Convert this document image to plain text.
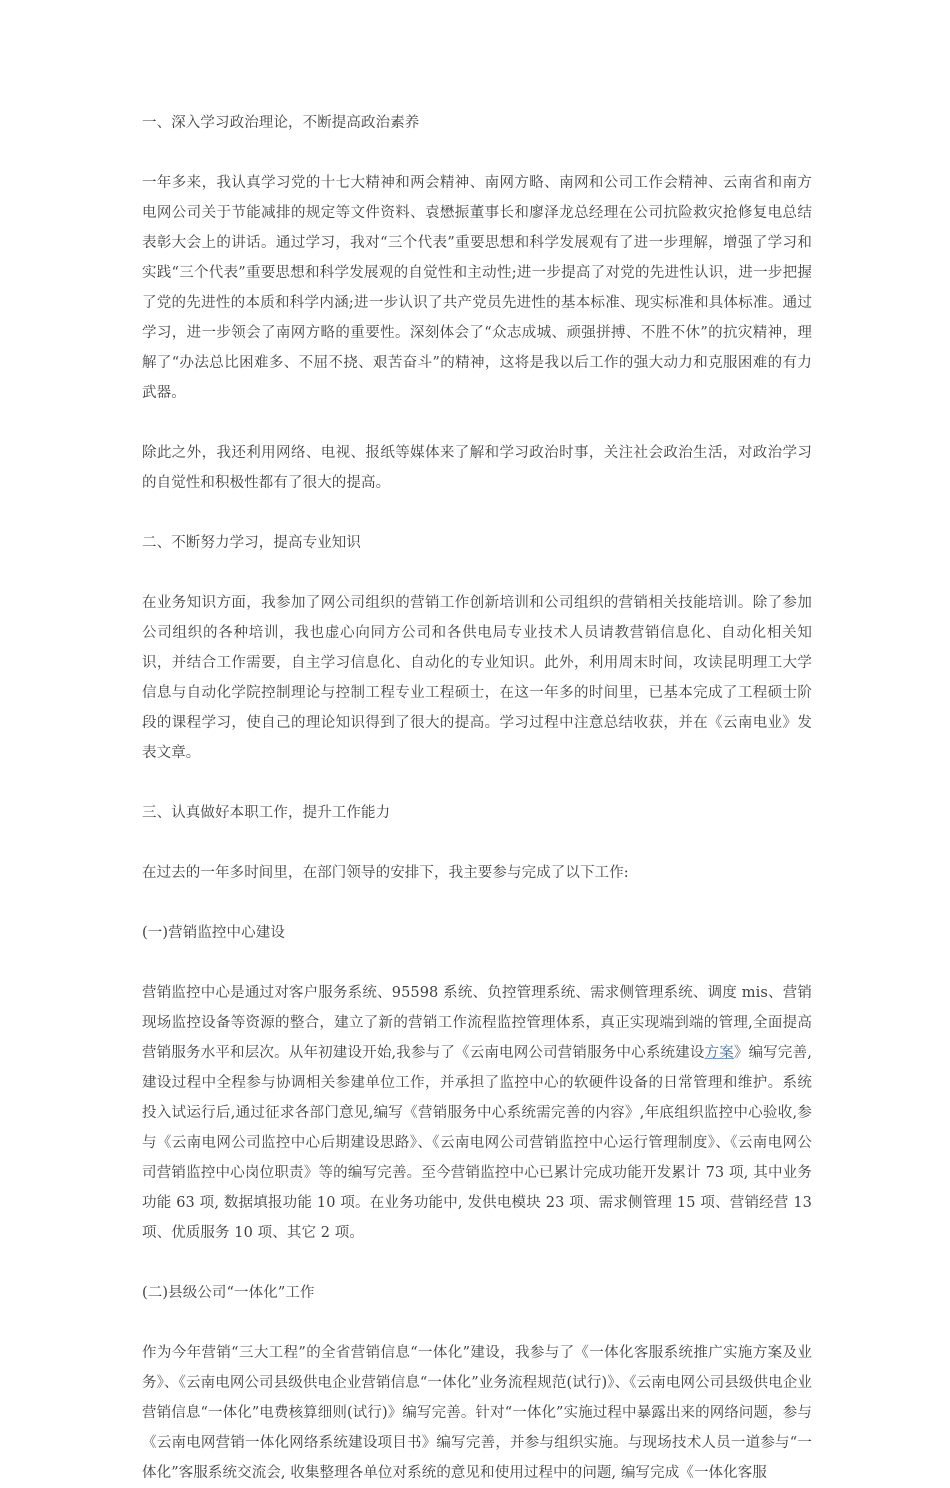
一、深入学习政治理论，不断提高政治素养

一年多来，我认真学习党的十七大精神和两会精神、南网方略、南网和公司工作会精神、云南省和南方电网公司关于节能减排的规定等文件资料、袁懋振董事长和廖泽龙总经理在公司抗险救灾抢修复电总结表彰大会上的讲话。通过学习，我对“三个代表”重要思想和科学发展观有了进一步理解，增强了学习和实践“三个代表”重要思想和科学发展观的自觉性和主动性;进一步提高了对党的先进性认识，进一步把握了党的先进性的本质和科学内涵;进一步认识了共产党员先进性的基本标准、现实标准和具体标准。通过学习，进一步领会了南网方略的重要性。深刻体会了“众志成城、顽强拼搏、不胜不休”的抗灾精神，理解了“办法总比困难多、不屈不挠、艰苦奋斗”的精神，这将是我以后工作的强大动力和克服困难的有力武器。

除此之外，我还利用网络、电视、报纸等媒体来了解和学习政治时事，关注社会政治生活，对政治学习的自觉性和积极性都有了很大的提高。

二、不断努力学习，提高专业知识

在业务知识方面，我参加了网公司组织的营销工作创新培训和公司组织的营销相关技能培训。除了参加公司组织的各种培训，我也虚心向同方公司和各供电局专业技术人员请教营销信息化、自动化相关知识，并结合工作需要，自主学习信息化、自动化的专业知识。此外，利用周末时间，攻读昆明理工大学信息与自动化学院控制理论与控制工程专业工程硕士，在这一年多的时间里，已基本完成了工程硕士阶段的课程学习，使自己的理论知识得到了很大的提高。学习过程中注意总结收获，并在《云南电业》发表文章。

三、认真做好本职工作，提升工作能力

在过去的一年多时间里，在部门领导的安排下，我主要参与完成了以下工作:

(一)营销监控中心建设

营销监控中心是通过对客户服务系统、95598 系统、负控管理系统、需求侧管理系统、调度 mis、营销现场监控设备等资源的整合，建立了新的营销工作流程监控管理体系，真正实现端到端的管理,全面提高营销服务水平和层次。从年初建设开始,我参与了《云南电网公司营销服务中心系统建设方案》编写完善,建设过程中全程参与协调相关参建单位工作，并承担了监控中心的软硬件设备的日常管理和维护。系统投入试运行后,通过征求各部门意见,编写《营销服务中心系统需完善的内容》,年底组织监控中心验收,参与《云南电网公司监控中心后期建设思路》、《云南电网公司营销监控中心运行管理制度》、《云南电网公司营销监控中心岗位职责》等的编写完善。至今营销监控中心已累计完成功能开发累计 73 项, 其中业务功能 63 项, 数据填报功能 10 项。在业务功能中, 发供电模块 23 项、需求侧管理 15 项、营销经营 13 项、优质服务 10 项、其它 2 项。

(二)县级公司“一体化”工作

作为今年营销“三大工程”的全省营销信息“一体化”建设，我参与了《一体化客服系统推广实施方案及业务》、《云南电网公司县级供电企业营销信息“一体化”业务流程规范(试行)》、《云南电网公司县级供电企业营销信息“一体化”电费核算细则(试行)》编写完善。针对“一体化”实施过程中暴露出来的网络问题，参与《云南电网营销一体化网络系统建设项目书》编写完善，并参与组织实施。与现场技术人员一道参与“一体化”客服系统交流会, 收集整理各单位对系统的意见和使用过程中的问题, 编写完成《一体化客服
